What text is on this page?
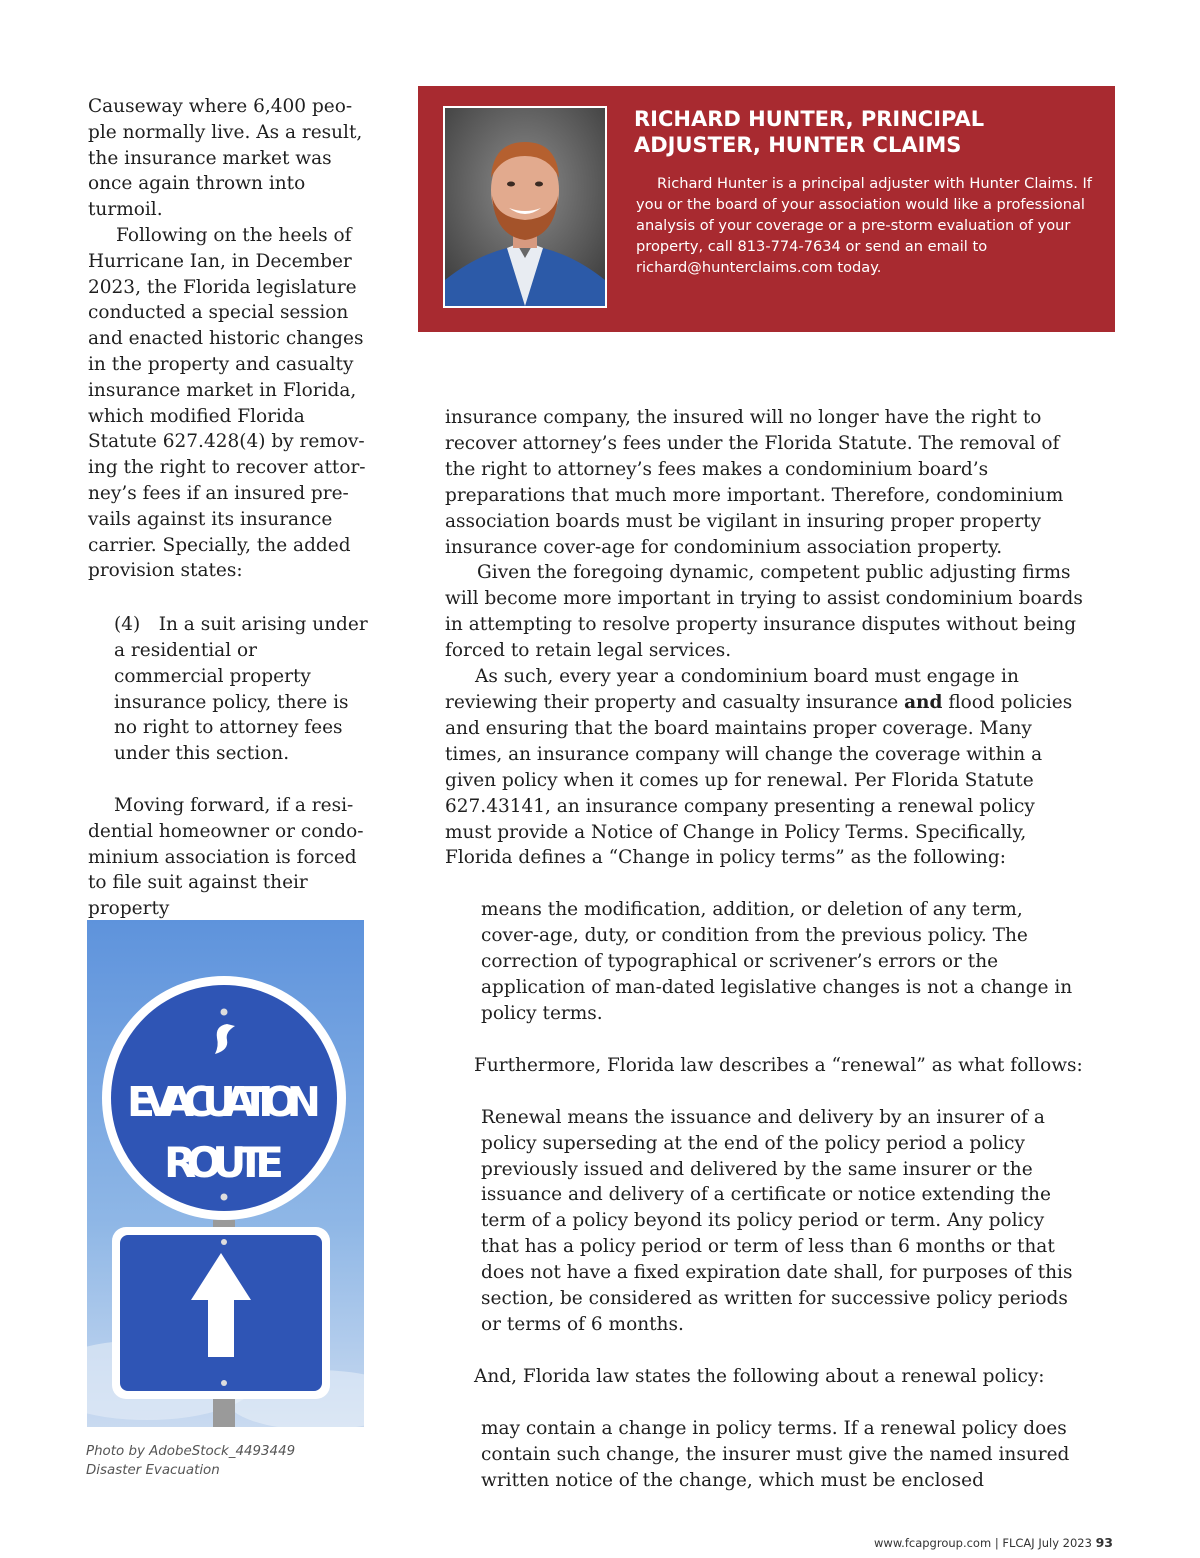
Causeway where 6,400 peo-ple normally live. As a result, the insurance market was once again thrown into turmoil.

Following on the heels of Hurricane Ian, in December 2023, the Florida legislature conducted a special session and enacted historic changes in the property and casualty insurance market in Florida, which modified Florida Statute 627.428(4) by remov-ing the right to recover attor-ney’s fees if an insured pre-vails against its insurance carrier. Specially, the added provision states:

(4) In a suit arising under a residential or commercial property insurance policy, there is no right to attorney fees under this section.

Moving forward, if a resi-dential homeowner or condo-minium association is forced to file suit against their property

RICHARD HUNTER, PRINCIPAL ADJUSTER, HUNTER CLAIMS

Richard Hunter is a principal adjuster with Hunter Claims. If you or the board of your association would like a professional analysis of your coverage or a pre-storm evaluation of your property, call 813-774-7634 or send an email to richard@hunterclaims.com today.

insurance company, the insured will no longer have the right to recover attorney’s fees under the Florida Statute. The removal of the right to attorney’s fees makes a condominium board’s preparations that much more important. Therefore, condominium association boards must be vigilant in insuring proper property insurance cover-age for condominium association property.

Given the foregoing dynamic, competent public adjusting firms will become more important in trying to assist condominium boards in attempting to resolve property insurance disputes without being forced to retain legal services.

As such, every year a condominium board must engage in reviewing their property and casualty insurance and flood policies and ensuring that the board maintains proper coverage. Many times, an insurance company will change the coverage within a given policy when it comes up for renewal. Per Florida Statute 627.43141, an insurance company presenting a renewal policy must provide a Notice of Change in Policy Terms. Specifically, Florida defines a “Change in policy terms” as the following:

means the modification, addition, or deletion of any term, cover-age, duty, or condition from the previous policy. The correction of typographical or scrivener’s errors or the application of man-dated legislative changes is not a change in policy terms.

Furthermore, Florida law describes a “renewal” as what follows:

Renewal means the issuance and delivery by an insurer of a policy superseding at the end of the policy period a policy previously issued and delivered by the same insurer or the issuance and delivery of a certificate or notice extending the term of a policy beyond its policy period or term. Any policy that has a policy period or term of less than 6 months or that does not have a fixed expiration date shall, for purposes of this section, be considered as written for successive policy periods or terms of 6 months.

And, Florida law states the following about a renewal policy:

may contain a change in policy terms. If a renewal policy does contain such change, the insurer must give the named insured written notice of the change, which must be enclosed

EVACUATION
ROUTE

Photo by AdobeStock_4493449
Disaster Evacuation

www.fcapgroup.com | FLCAJ July 2023 93
